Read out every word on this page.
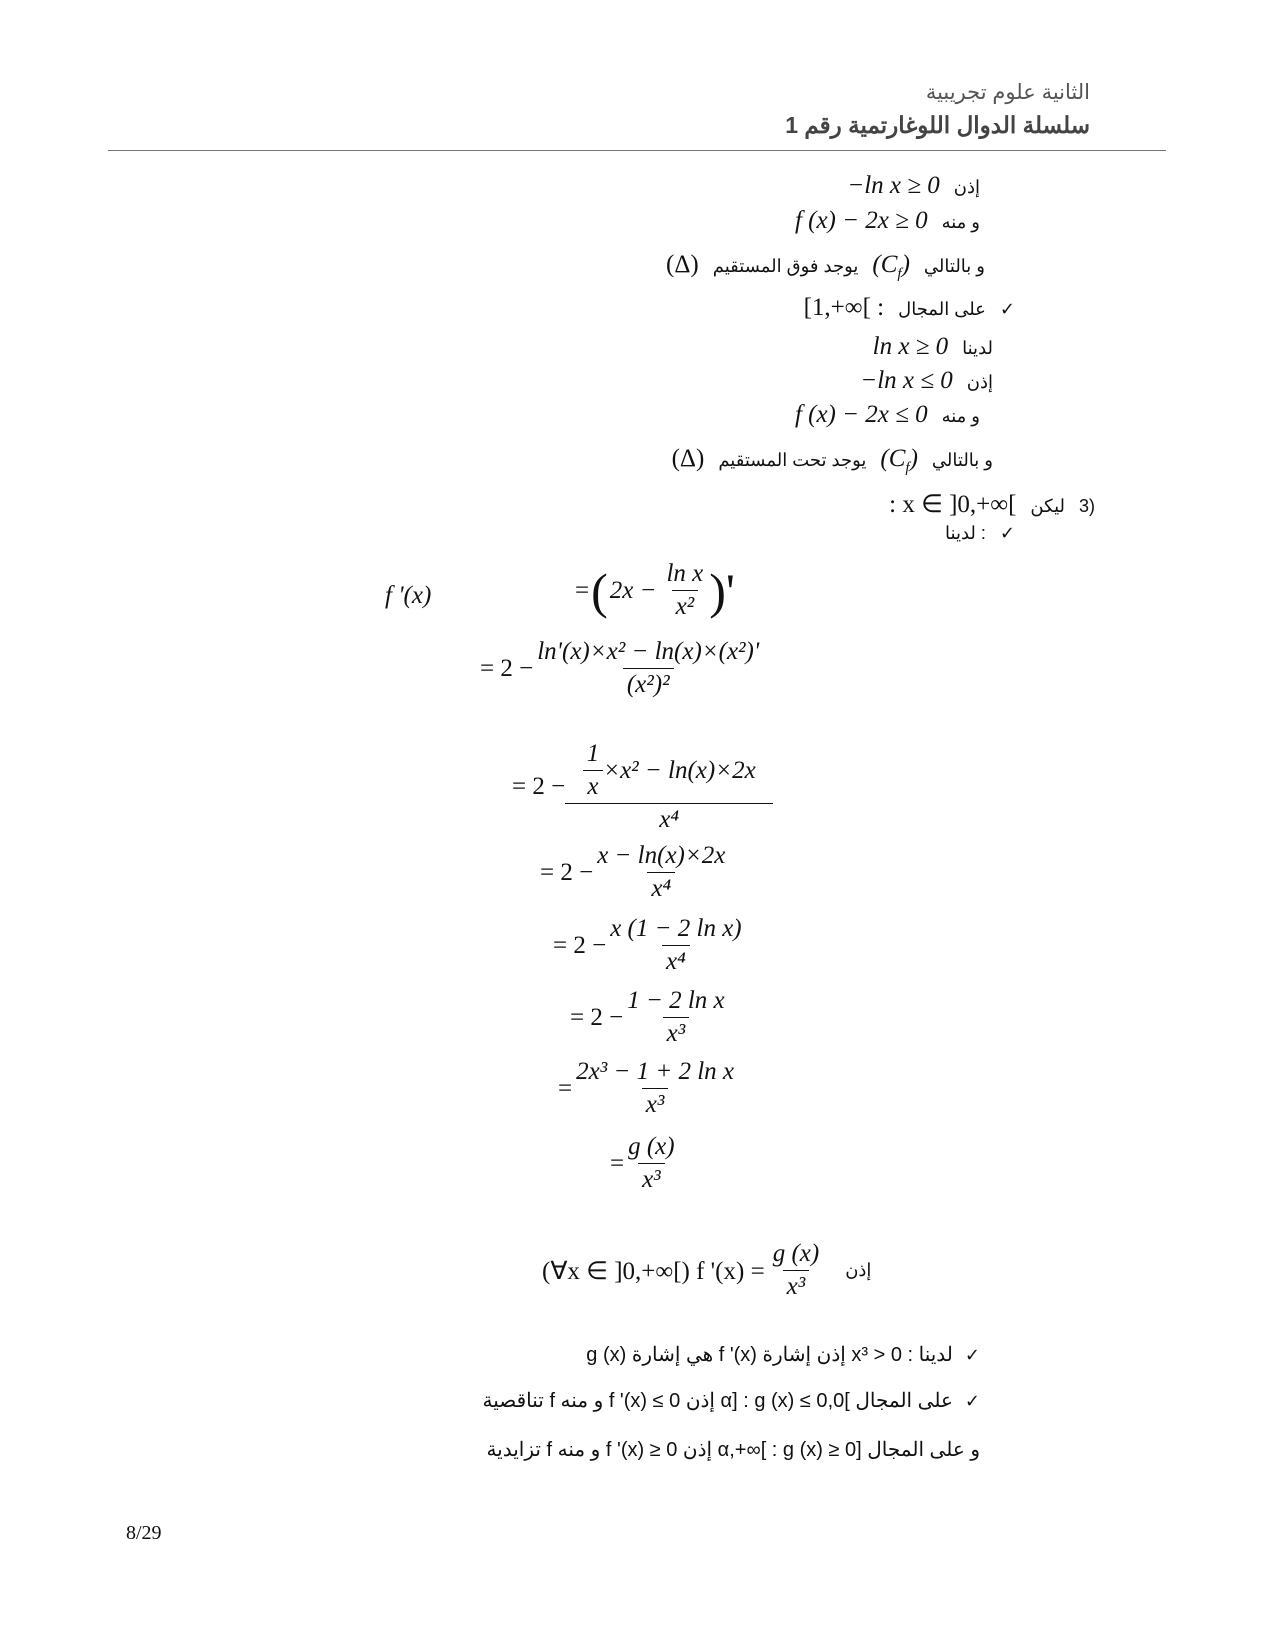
الثانية علوم تجريبية
سلسلة الدوال اللوغارتمية رقم 1
إذن
−ln x ≥ 0
و منه
f (x) − 2x ≥ 0
و بالتالي
$(C_f)$
يوجد فوق المستقيم
(Δ)
✓
على المجال
[1,+∞[ :
لدينا
ln x ≥ 0
إذن
−ln x ≤ 0
و منه
f (x) − 2x ≤ 0
و بالتالي
$(C_f)$
يوجد تحت المستقيم
(Δ)
3)
ليكن
: x ∈ ]0,+∞[
✓
لدينا :
f '(x)	= ( $2x - \frac{\text{ln x}}{\text{x²}}$ )'
= $2 - \frac{\text{ln'(x)×x² − ln(x)×(x²)'}}{\text{(x²)²}}$
= $2 - \frac{\frac{1}{x} \times x^2 - \ln(x)\times 2x}{\text{x⁴}}$
= $2 - \frac{x - \ln(x)\times 2x}{\text{x⁴}}$
= $2 - \frac{\text{x (1 − 2 ln x)}}{\text{x⁴}}$
= $2 - \frac{\text{1 − 2 ln x}}{\text{x³}}$
= $\frac{\text{2x³ − 1 + 2 ln x}}{\text{x³}}$
= $\frac{g (x)}{\text{x³}}$
(∀x ∈ ]0,+∞[) f '$(x) = \frac{g (x)}{\text{x³}}$ إذن
✓
لدينا : x³ > 0 إذن إشارة f '(x) هي إشارة g (x)
✓
على المجال ]0,α] : g (x) ≤ 0 إذن f '(x) ≤ 0 و منه f تناقصية
و على المجال [α,+∞[ : g (x) ≥ 0 إذن f '(x) ≥ 0 و منه f تزايدية
8/29
